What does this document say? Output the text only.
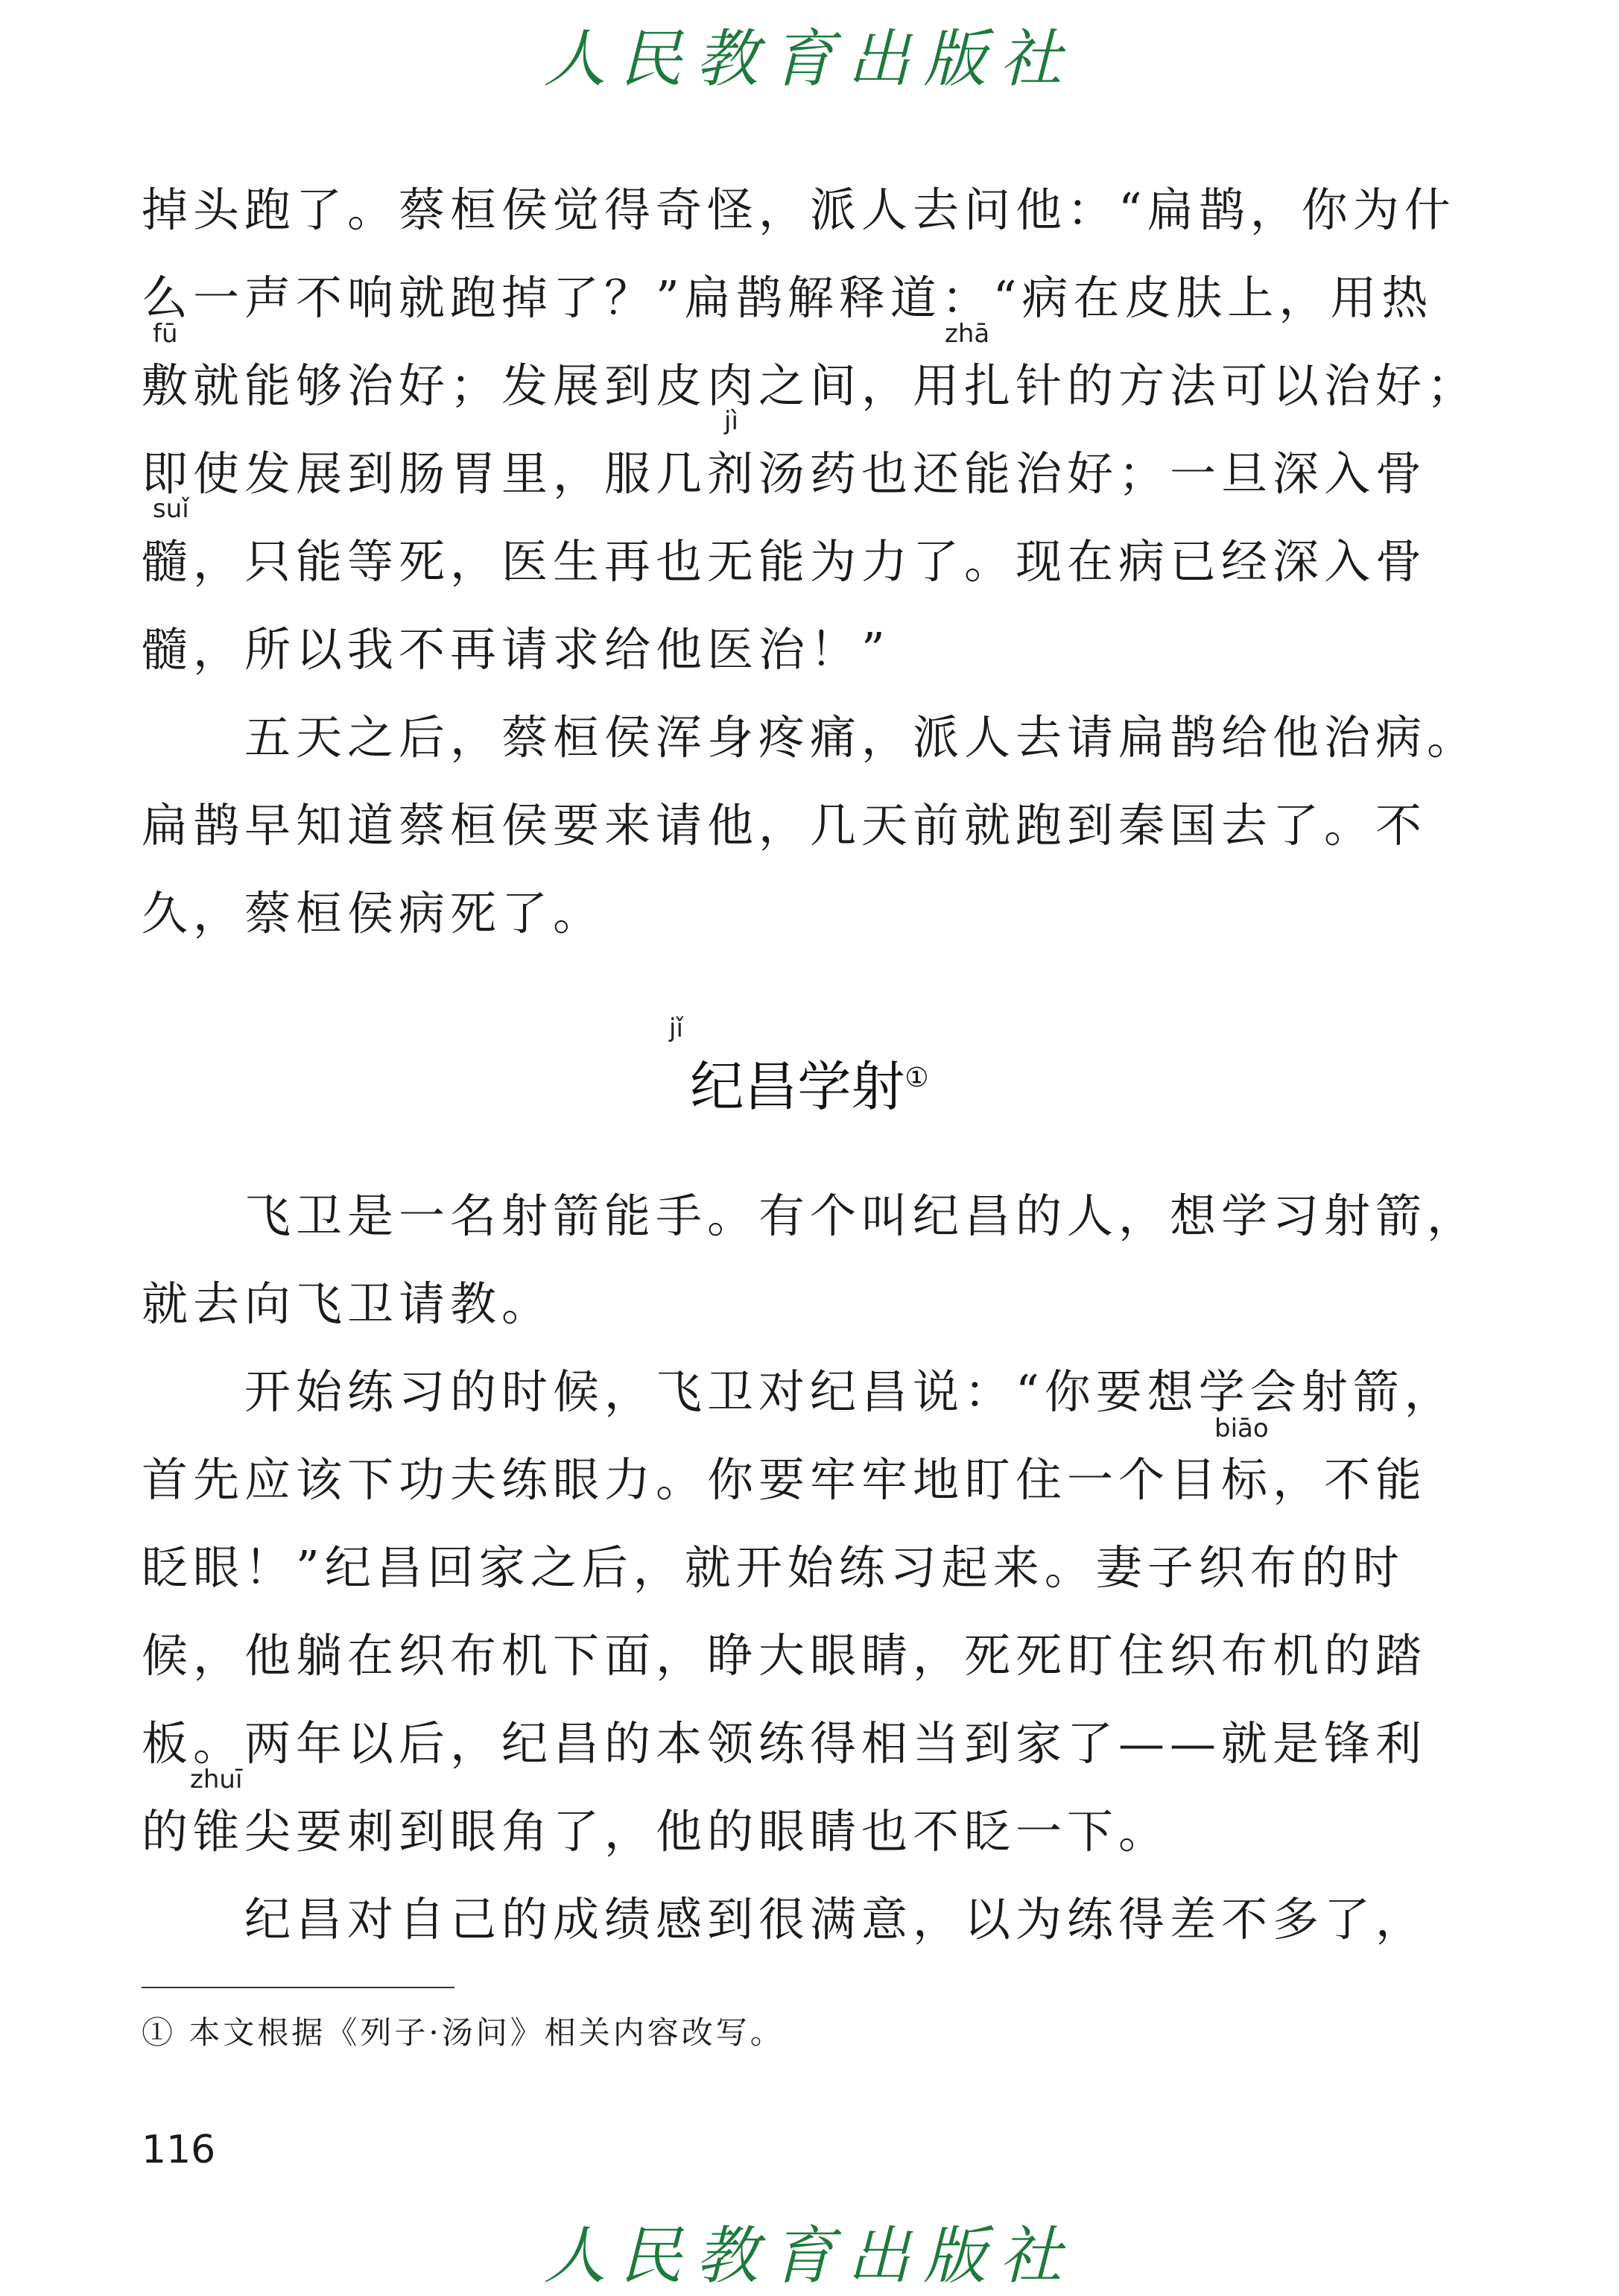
人民教育出版社
掉头跑了。蔡桓侯觉得奇怪，派人去问他：“扁鹊，你为什
么一声不响就跑掉了？”扁鹊解释道：“病在皮肤上，用热
fū	zhā
敷就能够治好；发展到皮肉之间，用扎针的方法可以治好；
jì
即使发展到肠胃里，服几剂汤药也还能治好；一旦深入骨
suǐ
髓，只能等死，医生再也无能为力了。现在病已经深入骨
髓，所以我不再请求给他医治！”
　　五天之后，蔡桓侯浑身疼痛，派人去请扁鹊给他治病。
扁鹊早知道蔡桓侯要来请他，几天前就跑到秦国去了。不
久，蔡桓侯病死了。
jǐ
纪昌学射①
　　飞卫是一名射箭能手。有个叫纪昌的人，想学习射箭，
就去向飞卫请教。
　　开始练习的时候，飞卫对纪昌说：“你要想学会射箭，
biāo
首先应该下功夫练眼力。你要牢牢地盯住一个目标，不能
眨眼！”纪昌回家之后，就开始练习起来。妻子织布的时
候，他躺在织布机下面，睁大眼睛，死死盯住织布机的踏
板。两年以后，纪昌的本领练得相当到家了——就是锋利
zhuī
的锥尖要刺到眼角了，他的眼睛也不眨一下。
　　纪昌对自己的成绩感到很满意，以为练得差不多了，
① 本文根据《列子·汤问》相关内容改写。
116
人民教育出版社
